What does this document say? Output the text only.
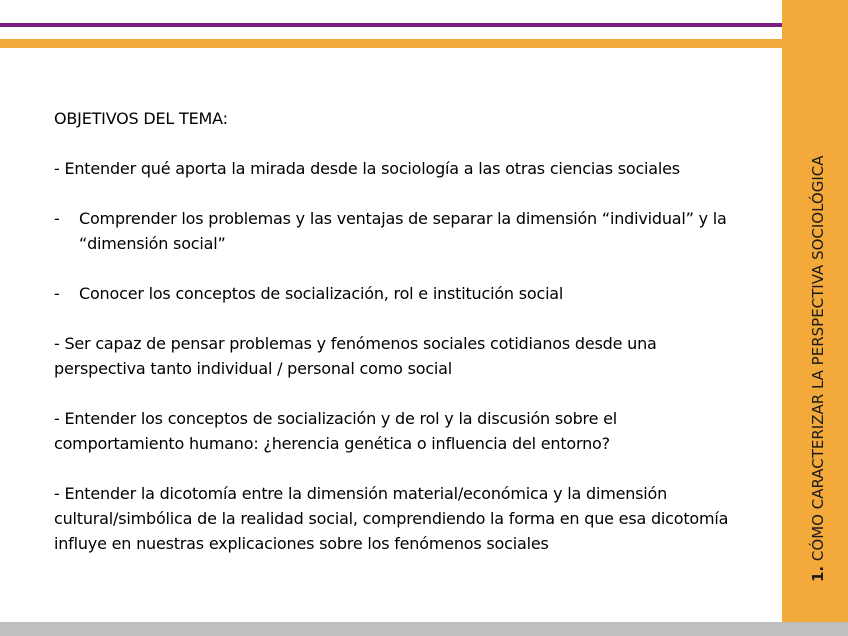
1. CÓMO CARACTERIZAR LA PERSPECTIVA SOCIOLÓGICA
OBJETIVOS DEL TEMA:
- Entender qué aporta la mirada desde la sociología a las otras ciencias sociales
-	Comprender los problemas y las ventajas de separar la dimensión “individual” y la “dimensión social”
-	Conocer los conceptos de socialización, rol e institución social
- Ser capaz de pensar problemas y fenómenos sociales cotidianos desde una perspectiva tanto individual / personal como social
- Entender los conceptos de socialización y de rol y la discusión sobre el comportamiento humano: ¿herencia genética o influencia del entorno?
- Entender la dicotomía entre la dimensión material/económica y la dimensión cultural/simbólica de la realidad social, comprendiendo la forma en que esa dicotomía influye en nuestras explicaciones sobre los fenómenos sociales
